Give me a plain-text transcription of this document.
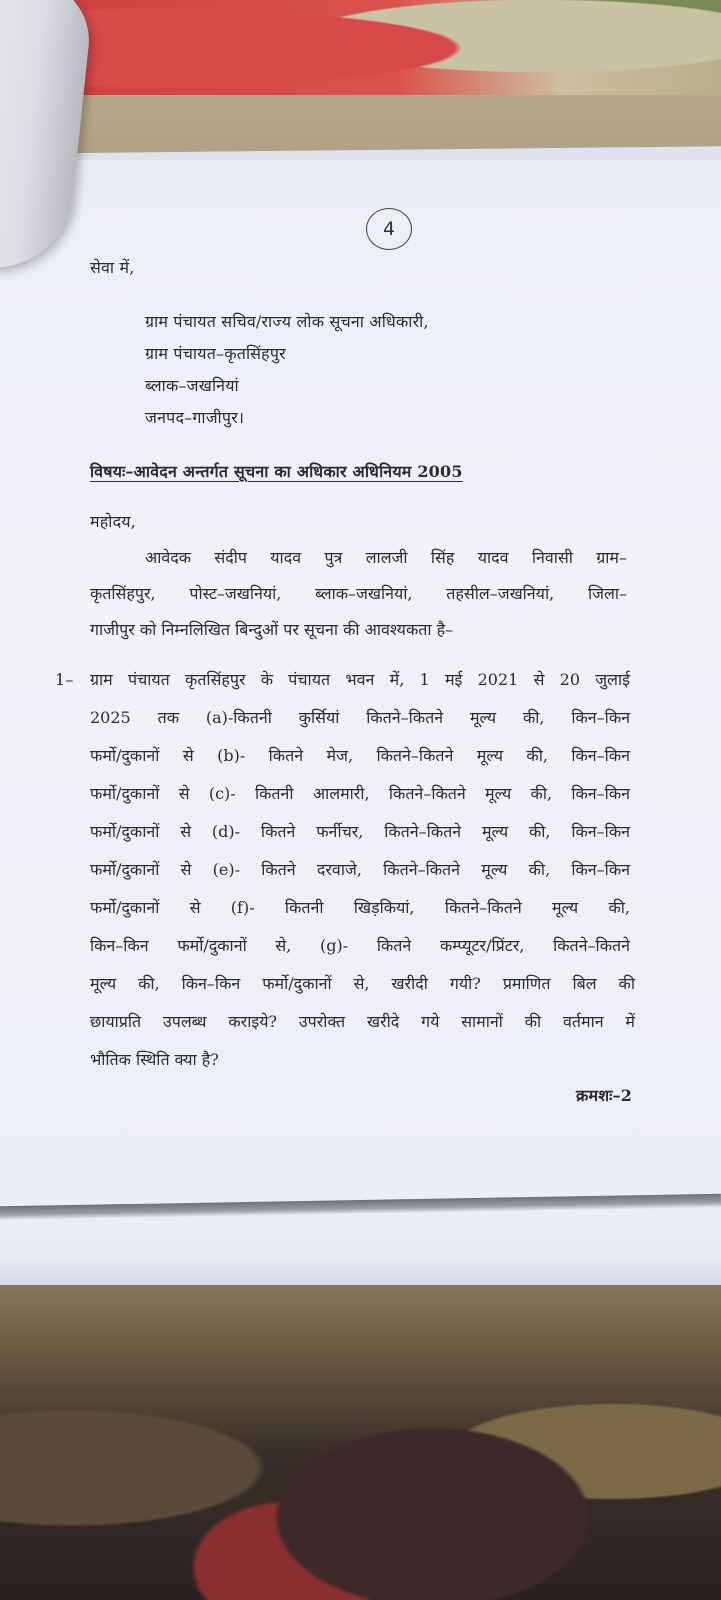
4
सेवा में,
ग्राम पंचायत सचिव/राज्य लोक सूचना अधिकारी,
ग्राम पंचायत–कृतसिंहपुर
ब्लाक–जखनियां
जनपद–गाजीपुर।
विषयः–आवेदन अन्तर्गत सूचना का अधिकार अधिनियम 2005
महोदय,
आवेदक संदीप यादव पुत्र लालजी सिंह यादव निवासी ग्राम–
कृतसिंहपुर, पोस्ट–जखनियां, ब्लाक–जखनियां, तहसील–जखनियां, जिला–
गाजीपुर को निम्नलिखित बिन्दुओं पर सूचना की आवश्यकता है–
1– ग्राम पंचायत कृतसिंहपुर के पंचायत भवन में, 1 मई 2021 से 20 जुलाई
2025 तक (a)-कितनी कुर्सियां कितने–कितने मूल्य की, किन–किन
फर्मो/दुकानों से (b)- कितने मेज, कितने–कितने मूल्य की, किन–किन
फर्मो/दुकानों से (c)- कितनी आलमारी, कितने–कितने मूल्य की, किन–किन
फर्मो/दुकानों से (d)- कितने फर्नीचर, कितने–कितने मूल्य की, किन–किन
फर्मो/दुकानों से (e)- कितने दरवाजे, कितने–कितने मूल्य की, किन–किन
फर्मो/दुकानों से (f)- कितनी खिड़कियां, कितने–कितने मूल्य की,
किन–किन फर्मो/दुकानों से, (g)- कितने कम्प्यूटर/प्रिंटर, कितने–कितने
मूल्य की, किन–किन फर्मो/दुकानों से, खरीदी गयी? प्रमाणित बिल की
छायाप्रति उपलब्ध कराइये? उपरोक्त खरीदे गये सामानों की वर्तमान में
भौतिक स्थिति क्या है?
क्रमशः–2
